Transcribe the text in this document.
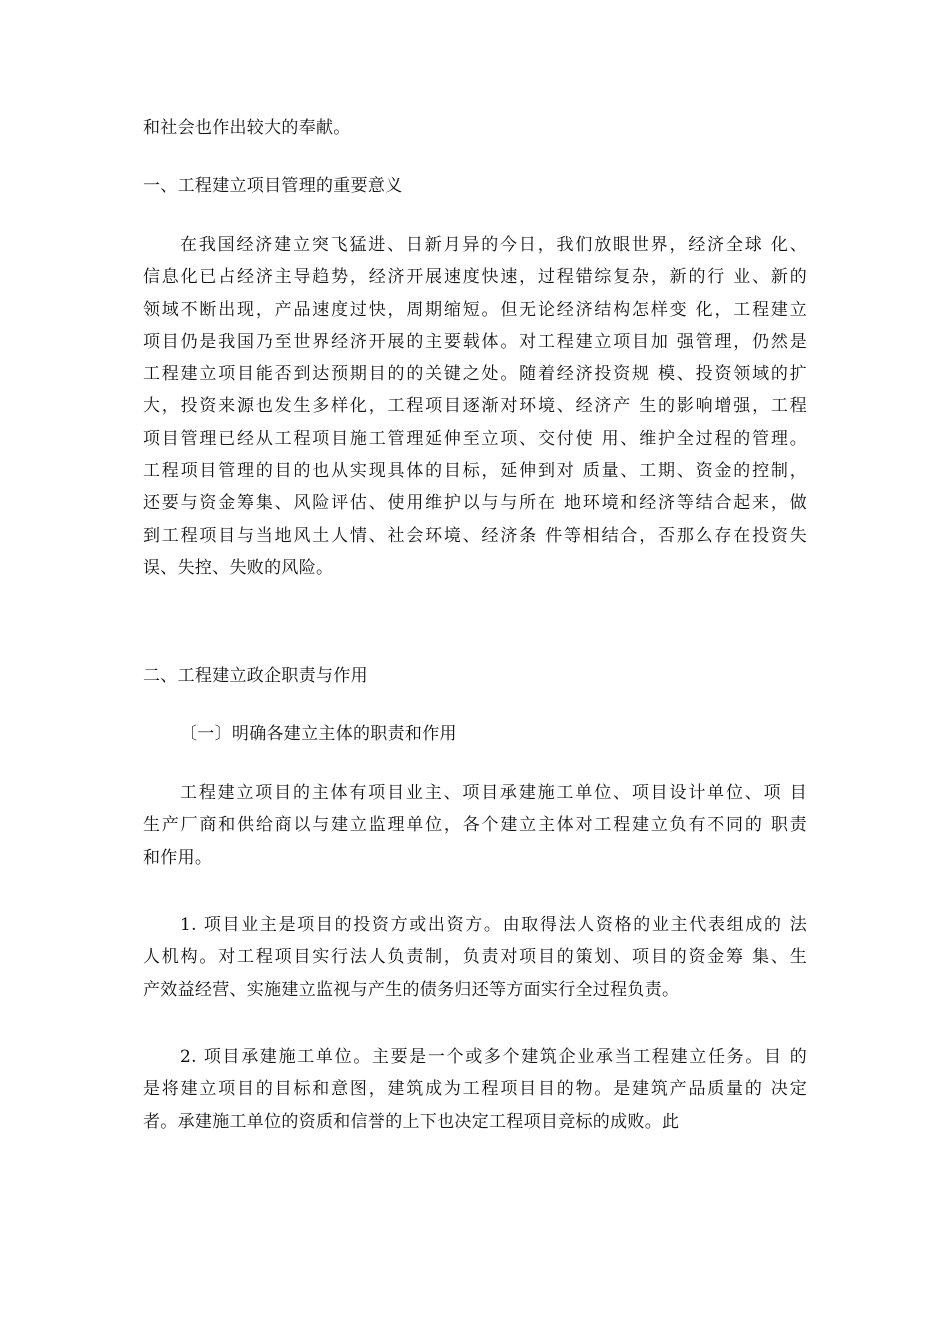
和社会也作出较大的奉献。
一、工程建立项目管理的重要意义
在我国经济建立突飞猛进、日新月异的今日，我们放眼世界，经济全球 化、
信息化已占经济主导趋势，经济开展速度快速，过程错综复杂，新的行 业、新的
领域不断出现，产品速度过快，周期缩短。但无论经济结构怎样变 化，工程建立
项目仍是我国乃至世界经济开展的主要载体。对工程建立项目加 强管理，仍然是
工程建立项目能否到达预期目的的关键之处。随着经济投资规 模、投资领域的扩
大，投资来源也发生多样化，工程项目逐渐对环境、经济产 生的影响增强，工程
项目管理已经从工程项目施工管理延伸至立项、交付使 用、维护全过程的管理。
工程项目管理的目的也从实现具体的目标，延伸到对 质量、工期、资金的控制，
还要与资金筹集、风险评估、使用维护以与与所在 地环境和经济等结合起来，做
到工程项目与当地风土人情、社会环境、经济条 件等相结合，否那么存在投资失
误、失控、失败的风险。
二、工程建立政企职责与作用
〔一〕明确各建立主体的职责和作用
工程建立项目的主体有项目业主、项目承建施工单位、项目设计单位、项 目
生产厂商和供给商以与建立监理单位，各个建立主体对工程建立负有不同的 职责
和作用。
1. 项目业主是项目的投资方或出资方。由取得法人资格的业主代表组成的 法
人机构。对工程项目实行法人负责制，负责对项目的策划、项目的资金筹 集、生
产效益经营、实施建立监视与产生的债务归还等方面实行全过程负责。
2. 项目承建施工单位。主要是一个或多个建筑企业承当工程建立任务。目 的
是将建立项目的目标和意图，建筑成为工程项目目的物。是建筑产品质量的 决定
者。承建施工单位的资质和信誉的上下也决定工程项目竞标的成败。此
